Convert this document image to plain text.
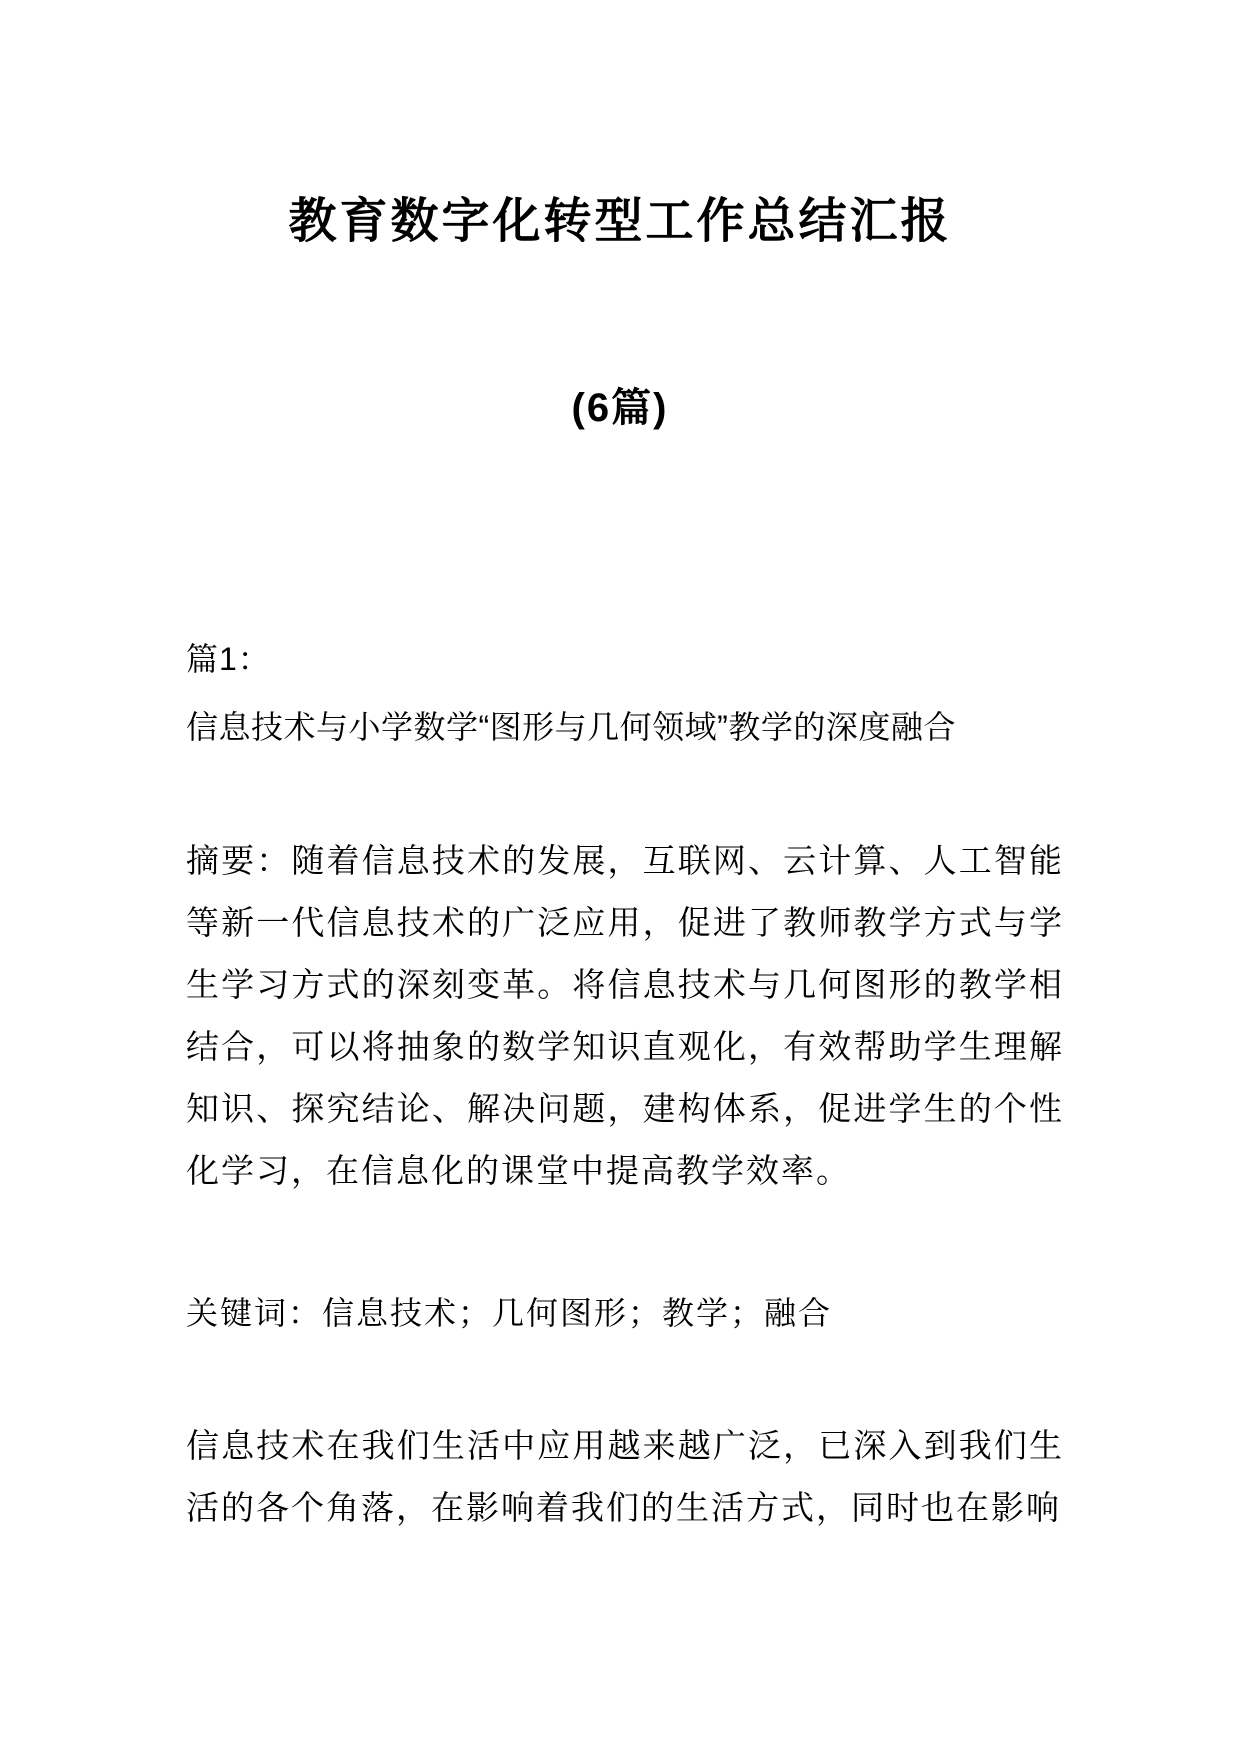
教育数字化转型工作总结汇报
(6篇)
篇1：
信息技术与小学数学“图形与几何领域”教学的深度融合

摘要：随着信息技术的发展，互联网、云计算、人工智能等新一代信息技术的广泛应用，促进了教师教学方式与学生学习方式的深刻变革。将信息技术与几何图形的教学相结合，可以将抽象的数学知识直观化，有效帮助学生理解知识、探究结论、解决问题，建构体系，促进学生的个性化学习，在信息化的课堂中提高教学效率。

关键词：信息技术；几何图形；教学；融合

信息技术在我们生活中应用越来越广泛，已深入到我们生活的各个角落，在影响着我们的生活方式，同时也在影响
